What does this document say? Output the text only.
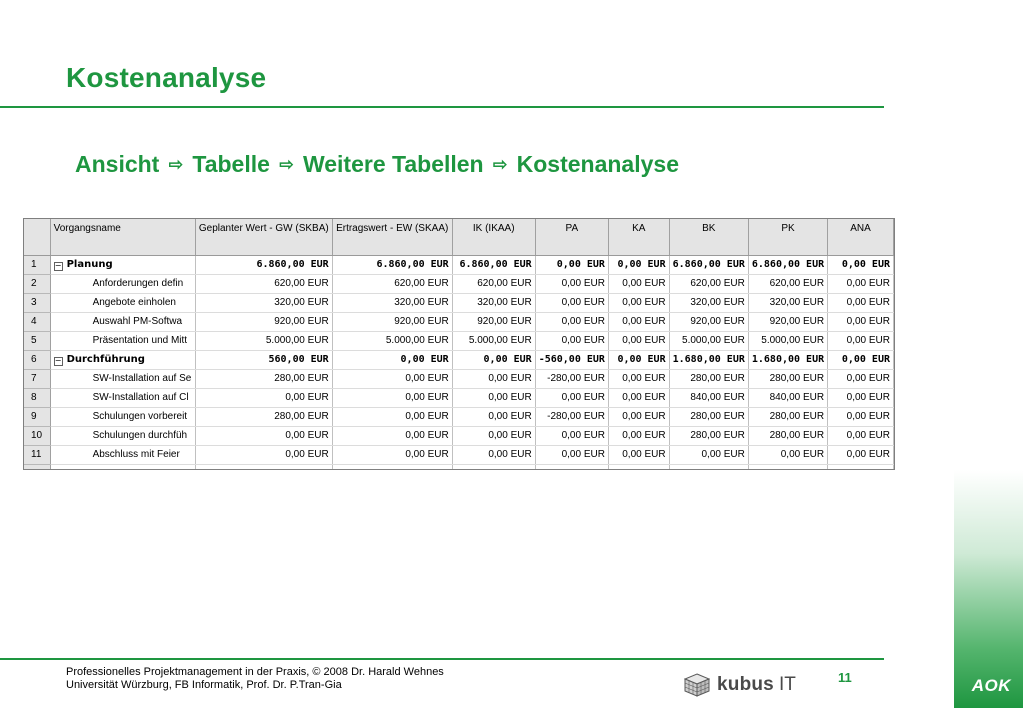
Kostenanalyse
Ansicht ⇨ Tabelle ⇨ Weitere Tabellen ⇨ Kostenanalyse
	Vorgangsname	Geplanter Wert - GW (SKBA)	Ertragswert - EW (SKAA)	IK (IKAA)	PA	KA	BK	PK	ANA
1	− Planung	6.860,00 EUR	6.860,00 EUR	6.860,00 EUR	0,00 EUR	0,00 EUR	6.860,00 EUR	6.860,00 EUR	0,00 EUR
2	Anforderungen defin	620,00 EUR	620,00 EUR	620,00 EUR	0,00 EUR	0,00 EUR	620,00 EUR	620,00 EUR	0,00 EUR
3	Angebote einholen	320,00 EUR	320,00 EUR	320,00 EUR	0,00 EUR	0,00 EUR	320,00 EUR	320,00 EUR	0,00 EUR
4	Auswahl PM-Softwa	920,00 EUR	920,00 EUR	920,00 EUR	0,00 EUR	0,00 EUR	920,00 EUR	920,00 EUR	0,00 EUR
5	Präsentation und Mitt	5.000,00 EUR	5.000,00 EUR	5.000,00 EUR	0,00 EUR	0,00 EUR	5.000,00 EUR	5.000,00 EUR	0,00 EUR
6	− Durchführung	560,00 EUR	0,00 EUR	0,00 EUR	-560,00 EUR	0,00 EUR	1.680,00 EUR	1.680,00 EUR	0,00 EUR
7	SW-Installation auf Se	280,00 EUR	0,00 EUR	0,00 EUR	-280,00 EUR	0,00 EUR	280,00 EUR	280,00 EUR	0,00 EUR
8	SW-Installation auf Cl	0,00 EUR	0,00 EUR	0,00 EUR	0,00 EUR	0,00 EUR	840,00 EUR	840,00 EUR	0,00 EUR
9	Schulungen vorbereit	280,00 EUR	0,00 EUR	0,00 EUR	-280,00 EUR	0,00 EUR	280,00 EUR	280,00 EUR	0,00 EUR
10	Schulungen durchfüh	0,00 EUR	0,00 EUR	0,00 EUR	0,00 EUR	0,00 EUR	280,00 EUR	280,00 EUR	0,00 EUR
11	Abschluss mit Feier	0,00 EUR	0,00 EUR	0,00 EUR	0,00 EUR	0,00 EUR	0,00 EUR	0,00 EUR	0,00 EUR

AOK
Professionelles Projektmanagement in der Praxis, © 2008 Dr. Harald Wehnes
Universität Würzburg, FB Informatik, Prof. Dr. P.Tran-Gia	kubus IT	11
